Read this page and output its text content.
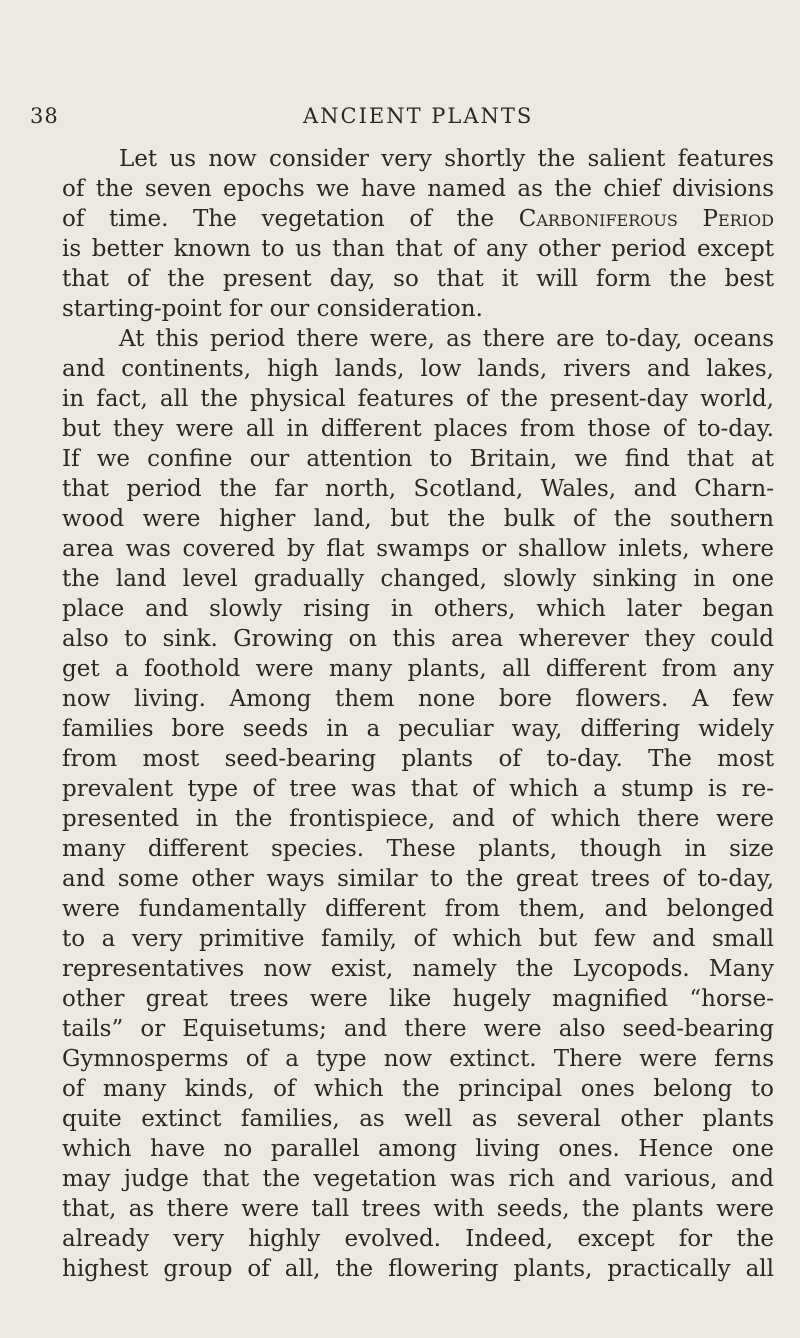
38	ANCIENT PLANTS
Let us now consider very shortly the salient features
of the seven epochs we have named as the chief divisions
of time. The vegetation of the Carboniferous Period
is better known to us than that of any other period except
that of the present day, so that it will form the best
starting-point for our consideration.
At this period there were, as there are to-day, oceans
and continents, high lands, low lands, rivers and lakes,
in fact, all the physical features of the present-day world,
but they were all in different places from those of to-day.
If we confine our attention to Britain, we find that at
that period the far north, Scotland, Wales, and Charn-
wood were higher land, but the bulk of the southern
area was covered by flat swamps or shallow inlets, where
the land level gradually changed, slowly sinking in one
place and slowly rising in others, which later began
also to sink. Growing on this area wherever they could
get a foothold were many plants, all different from any
now living. Among them none bore flowers. A few
families bore seeds in a peculiar way, differing widely
from most seed-bearing plants of to-day. The most
prevalent type of tree was that of which a stump is re-
presented in the frontispiece, and of which there were
many different species. These plants, though in size
and some other ways similar to the great trees of to-day,
were fundamentally different from them, and belonged
to a very primitive family, of which but few and small
representatives now exist, namely the Lycopods. Many
other great trees were like hugely magnified “horse-
tails” or Equisetums; and there were also seed-bearing
Gymnosperms of a type now extinct. There were ferns
of many kinds, of which the principal ones belong to
quite extinct families, as well as several other plants
which have no parallel among living ones. Hence one
may judge that the vegetation was rich and various, and
that, as there were tall trees with seeds, the plants were
already very highly evolved. Indeed, except for the
highest group of all, the flowering plants, practically all
